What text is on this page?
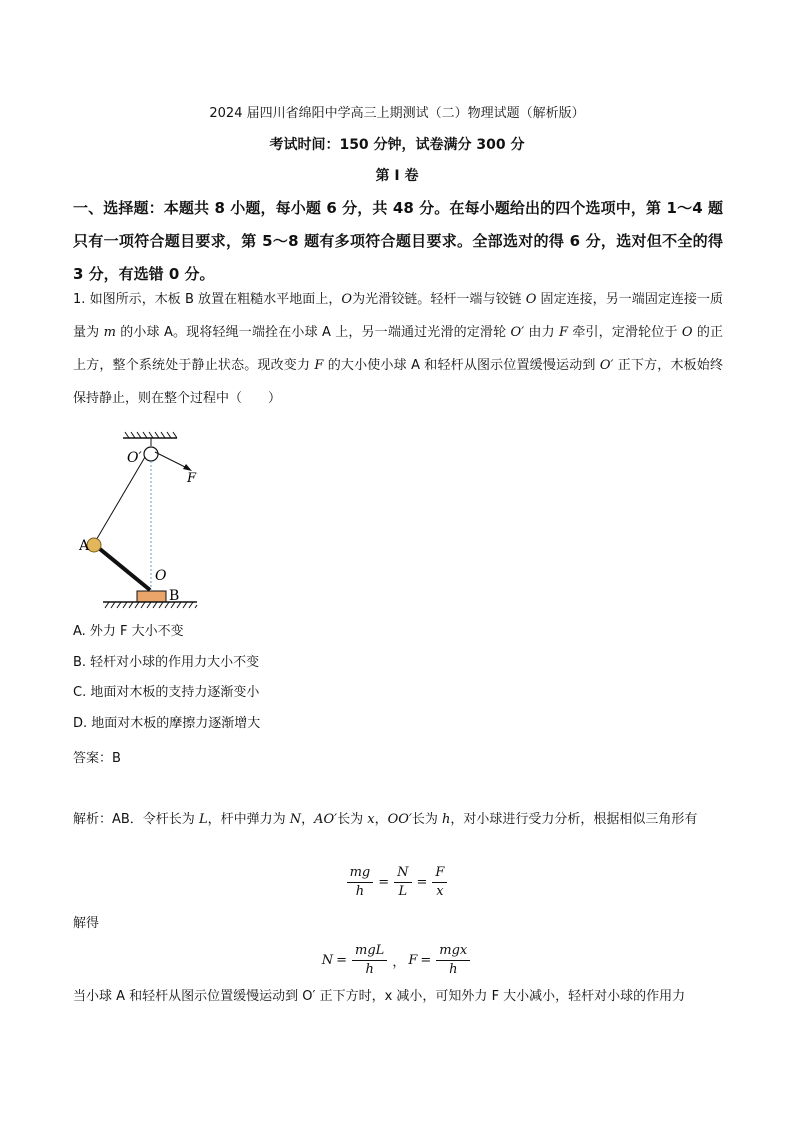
2024 届四川省绵阳中学高三上期测试（二）物理试题（解析版）
考试时间：150 分钟，试卷满分 300 分
第 I 卷
一、选择题：本题共 8 小题，每小题 6 分，共 48 分。在每小题给出的四个选项中，第 1～4 题只有一项符合题目要求，第 5～8 题有多项符合题目要求。全部选对的得 6 分，选对但不全的得 3 分，有选错 0 分。
1. 如图所示，木板 B 放置在粗糙水平地面上，O为光滑铰链。轻杆一端与铰链 O 固定连接，另一端固定连接一质量为 m 的小球 A。现将轻绳一端拴在小球 A 上，另一端通过光滑的定滑轮 O′ 由力 F 牵引，定滑轮位于 O 的正上方，整个系统处于静止状态。现改变力 F 的大小使小球 A 和轻杆从图示位置缓慢运动到 O′ 正下方，木板始终保持静止，则在整个过程中（　　）
O′
F
A
O
B
A. 外力 F 大小不变
B. 轻杆对小球的作用力大小不变
C. 地面对木板的支持力逐渐变小
D. 地面对木板的摩擦力逐渐增大
答案：B
解析：AB．令杆长为 L，杆中弹力为 N，AO′长为 x，OO′长为 h，对小球进行受力分析，根据相似三角形有
$\frac{mg}{h} = \frac{N}{L} = \frac{F}{x}$
解得
$N = \frac{\text{mgL}}{h}$ ， $F = \frac{\text{mgx}}{h}$
当小球 A 和轻杆从图示位置缓慢运动到 O′ 正下方时，x 减小，可知外力 F 大小减小，轻杆对小球的作用力
